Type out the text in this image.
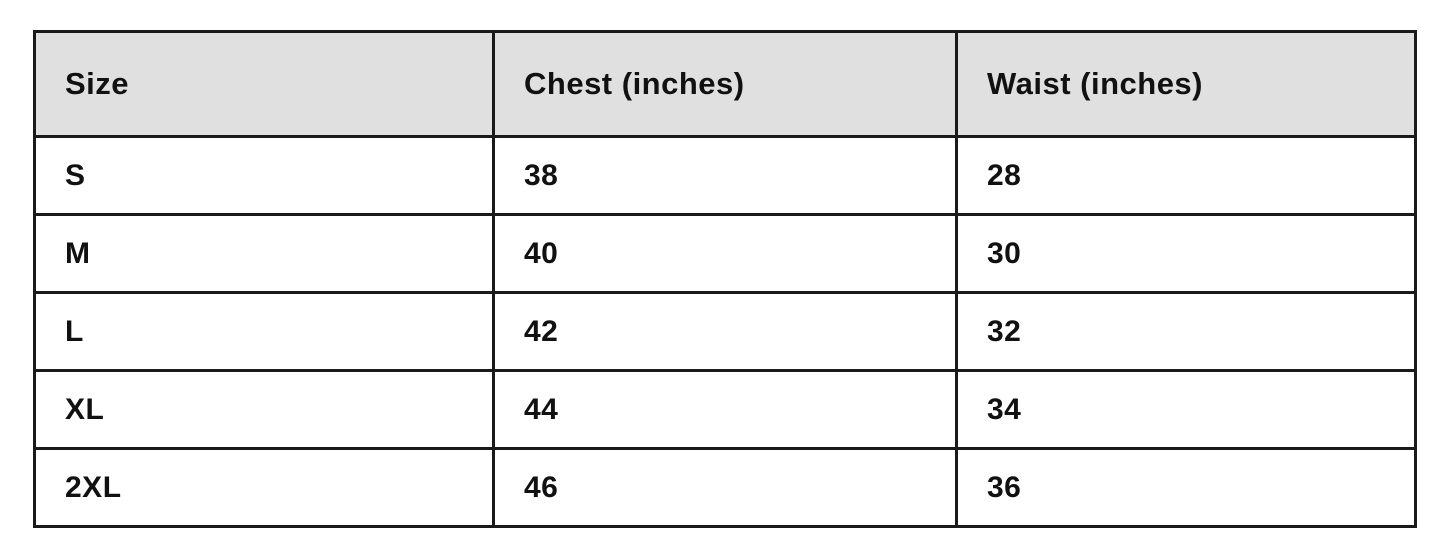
Size	Chest (inches)	Waist (inches)
S	38	28
M	40	30
L	42	32
XL	44	34
2XL	46	36
